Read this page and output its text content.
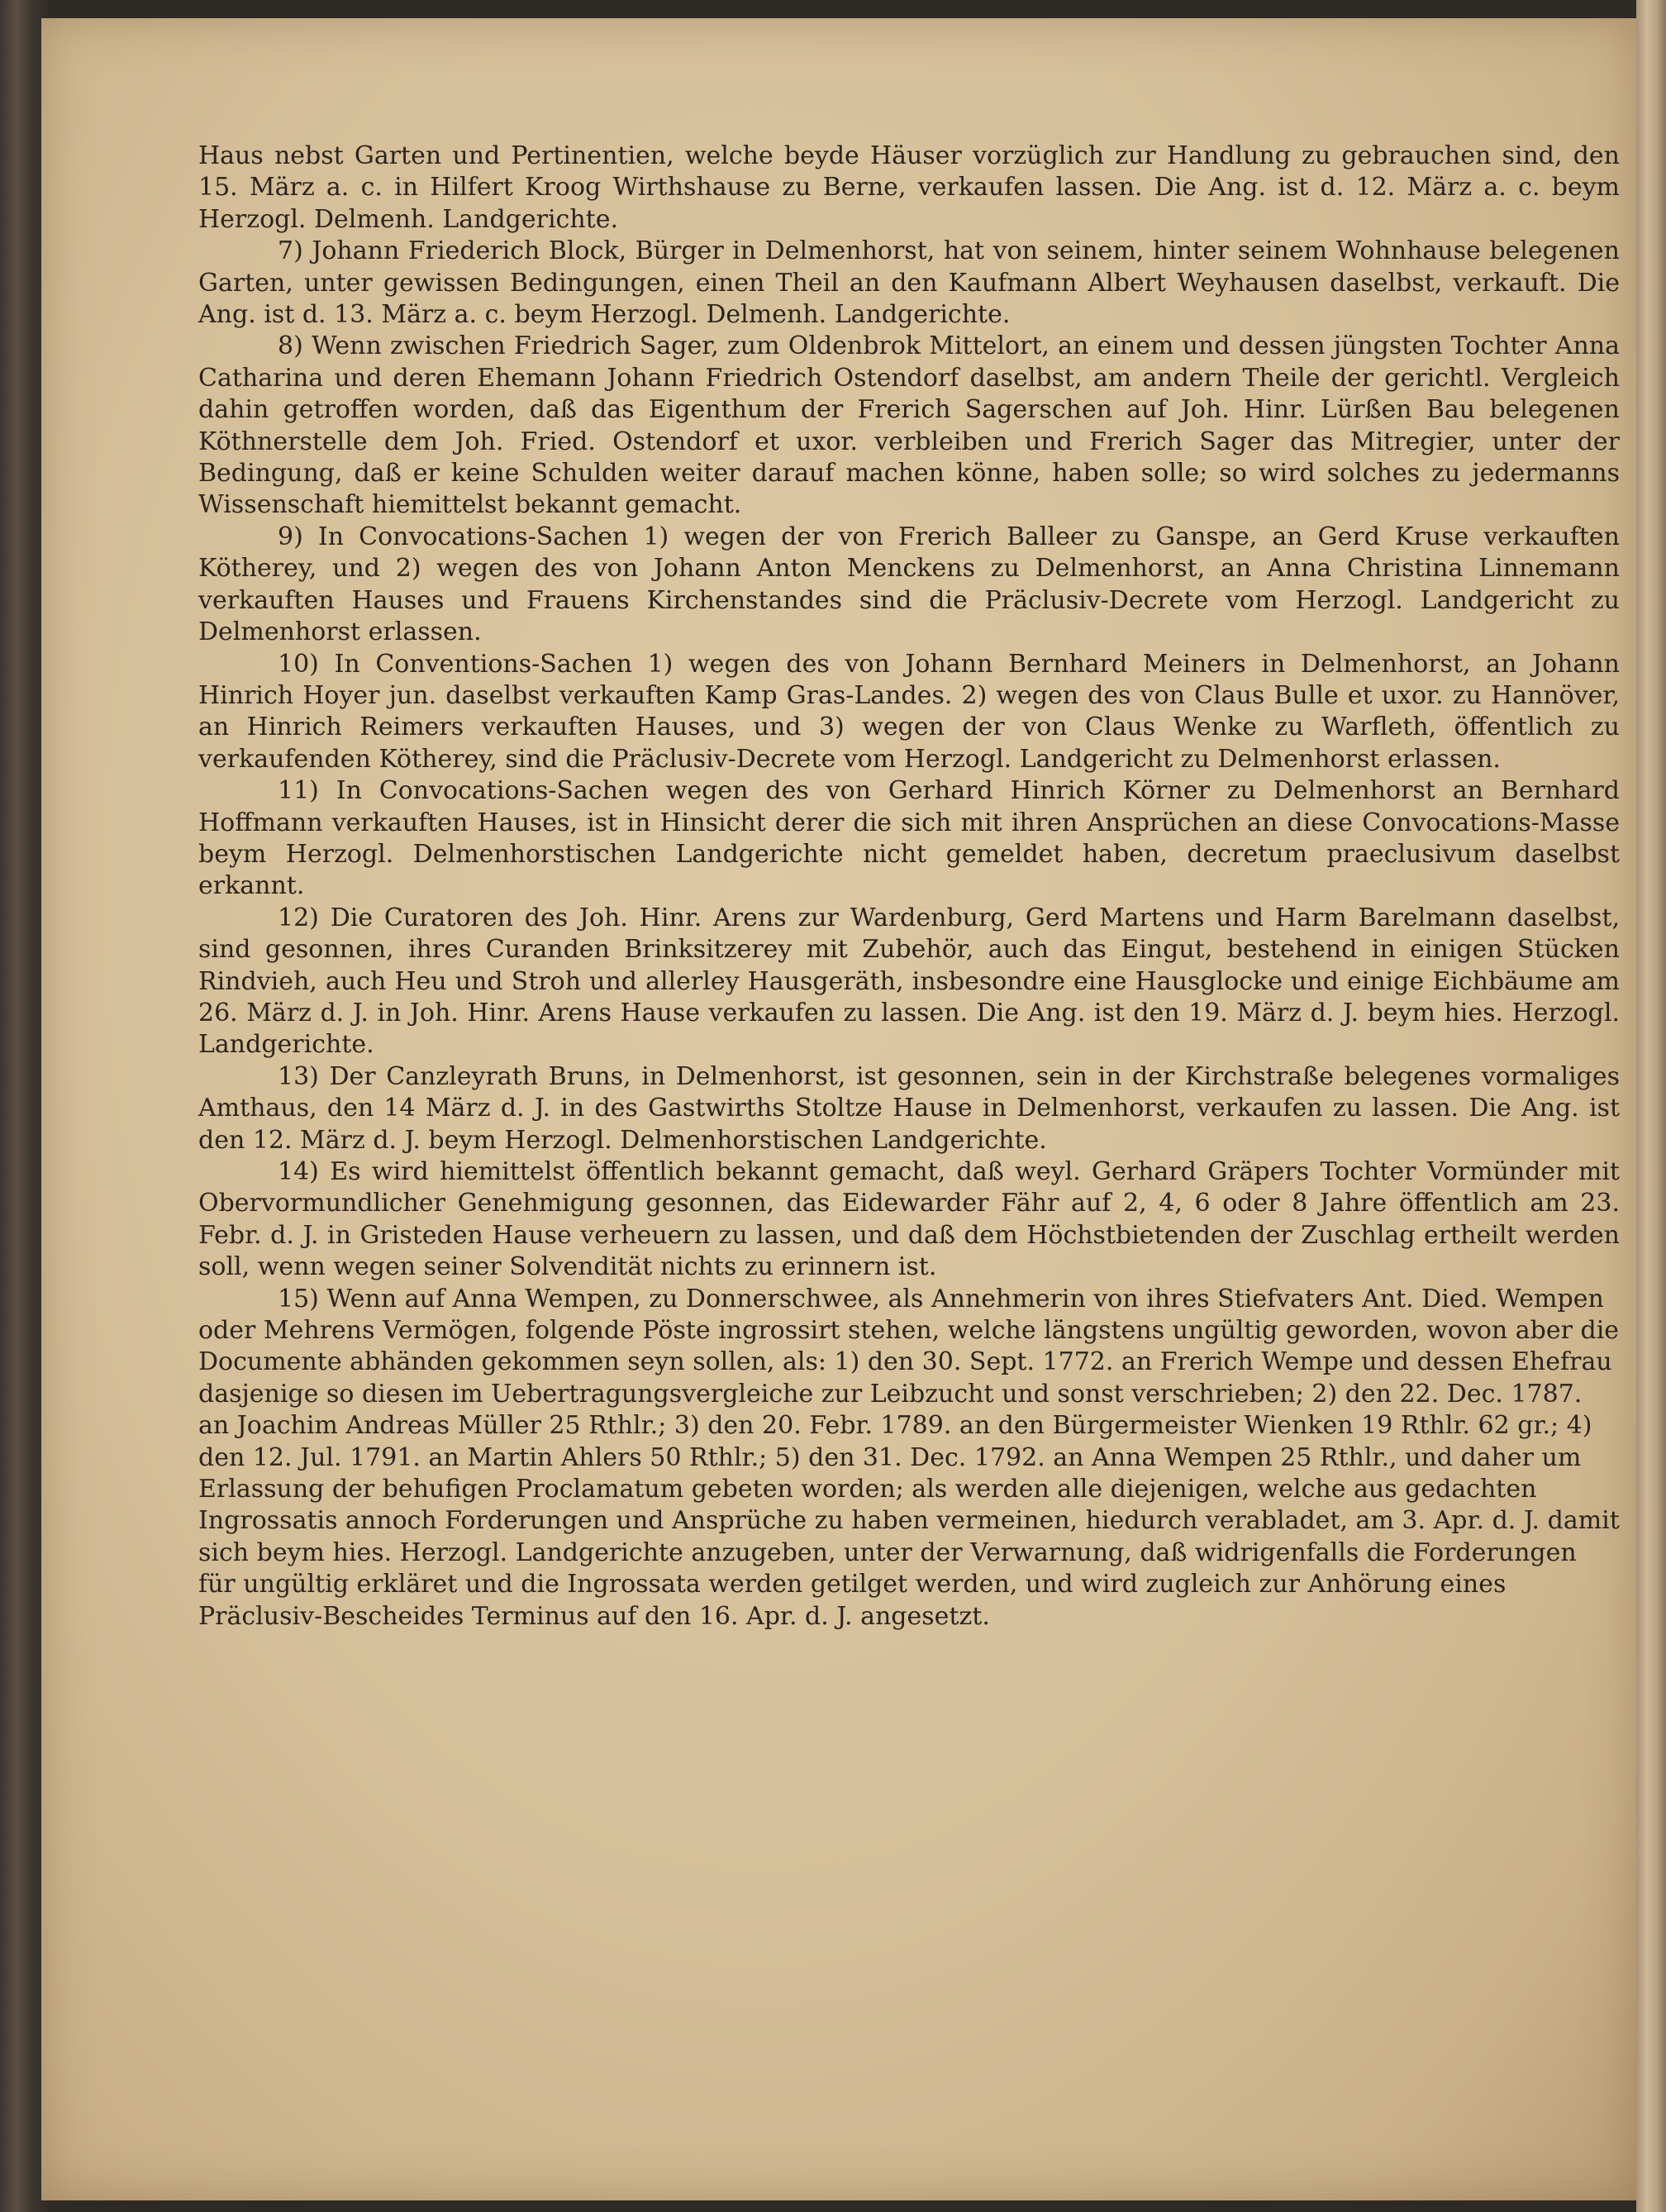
Haus nebst Garten und Pertinentien, welche beyde Häuser vorzüglich zur Handlung zu gebrauchen sind, den 15. März a. c. in Hilfert Kroog Wirthshause zu Berne, verkaufen lassen. Die Ang. ist d. 12. März a. c. beym Herzogl. Delmenh. Landgerichte.

7) Johann Friederich Block, Bürger in Delmenhorst, hat von seinem, hinter seinem Wohnhause belegenen Garten, unter gewissen Bedingungen, einen Theil an den Kaufmann Albert Weyhausen daselbst, verkauft. Die Ang. ist d. 13. März a. c. beym Herzogl. Delmenh. Landgerichte.

8) Wenn zwischen Friedrich Sager, zum Oldenbrok Mittelort, an einem und dessen jüngsten Tochter Anna Catharina und deren Ehemann Johann Friedrich Ostendorf daselbst, am andern Theile der gerichtl. Vergleich dahin getroffen worden, daß das Eigenthum der Frerich Sagerschen auf Joh. Hinr. Lürßen Bau belegenen Köthnerstelle dem Joh. Fried. Ostendorf et uxor. verbleiben und Frerich Sager das Mitregier, unter der Bedingung, daß er keine Schulden weiter darauf machen könne, haben solle; so wird solches zu jedermanns Wissenschaft hiemittelst bekannt gemacht.

9) In Convocations-Sachen 1) wegen der von Frerich Balleer zu Ganspe, an Gerd Kruse verkauften Kötherey, und 2) wegen des von Johann Anton Menckens zu Delmenhorst, an Anna Christina Linnemann verkauften Hauses und Frauens Kirchenstandes sind die Präclusiv-Decrete vom Herzogl. Landgericht zu Delmenhorst erlassen.

10) In Conventions-Sachen 1) wegen des von Johann Bernhard Meiners in Delmenhorst, an Johann Hinrich Hoyer jun. daselbst verkauften Kamp Gras-Landes. 2) wegen des von Claus Bulle et uxor. zu Hannöver, an Hinrich Reimers verkauften Hauses, und 3) wegen der von Claus Wenke zu Warfleth, öffentlich zu verkaufenden Kötherey, sind die Präclusiv-Decrete vom Herzogl. Landgericht zu Delmenhorst erlassen.

11) In Convocations-Sachen wegen des von Gerhard Hinrich Körner zu Delmenhorst an Bernhard Hoffmann verkauften Hauses, ist in Hinsicht derer die sich mit ihren Ansprüchen an diese Convocations-Masse beym Herzogl. Delmenhorstischen Landgerichte nicht gemeldet haben, decretum praeclusivum daselbst erkannt.

12) Die Curatoren des Joh. Hinr. Arens zur Wardenburg, Gerd Martens und Harm Barelmann daselbst, sind gesonnen, ihres Curanden Brinksitzerey mit Zubehör, auch das Eingut, bestehend in einigen Stücken Rindvieh, auch Heu und Stroh und allerley Hausgeräth, insbesondre eine Hausglocke und einige Eichbäume am 26. März d. J. in Joh. Hinr. Arens Hause verkaufen zu lassen. Die Ang. ist den 19. März d. J. beym hies. Herzogl. Landgerichte.

13) Der Canzleyrath Bruns, in Delmenhorst, ist gesonnen, sein in der Kirchstraße belegenes vormaliges Amthaus, den 14 März d. J. in des Gastwirths Stoltze Hause in Delmenhorst, verkaufen zu lassen. Die Ang. ist den 12. März d. J. beym Herzogl. Delmenhorstischen Landgerichte.

14) Es wird hiemittelst öffentlich bekannt gemacht, daß weyl. Gerhard Gräpers Tochter Vormünder mit Obervormundlicher Genehmigung gesonnen, das Eidewarder Fähr auf 2, 4, 6 oder 8 Jahre öffentlich am 23. Febr. d. J. in Gristeden Hause verheuern zu lassen, und daß dem Höchstbietenden der Zuschlag ertheilt werden soll, wenn wegen seiner Solvendität nichts zu erinnern ist.

15) Wenn auf Anna Wempen, zu Donnerschwee, als Annehmerin von ihres Stiefvaters Ant. Died. Wempen oder Mehrens Vermögen, folgende Pöste ingrossirt stehen, welche längstens ungültig geworden, wovon aber die Documente abhänden gekommen seyn sollen, als: 1) den 30. Sept. 1772. an Frerich Wempe und dessen Ehefrau dasjenige so diesen im Uebertragungsvergleiche zur Leibzucht und sonst verschrieben; 2) den 22. Dec. 1787. an Joachim Andreas Müller 25 Rthlr.; 3) den 20. Febr. 1789. an den Bürgermeister Wienken 19 Rthlr. 62 gr.; 4) den 12. Jul. 1791. an Martin Ahlers 50 Rthlr.; 5) den 31. Dec. 1792. an Anna Wempen 25 Rthlr., und daher um Erlassung der behufigen Proclamatum gebeten worden; als werden alle diejenigen, welche aus gedachten Ingrossatis annoch Forderungen und Ansprüche zu haben vermeinen, hiedurch verabladet, am 3. Apr. d. J. damit sich beym hies. Herzogl. Landgerichte anzugeben, unter der Verwarnung, daß widrigenfalls die Forderungen für ungültig erkläret und die Ingrossata werden getilget werden, und wird zugleich zur Anhörung eines Präclusiv-Bescheides Terminus auf den 16. Apr. d. J. angesetzt.
